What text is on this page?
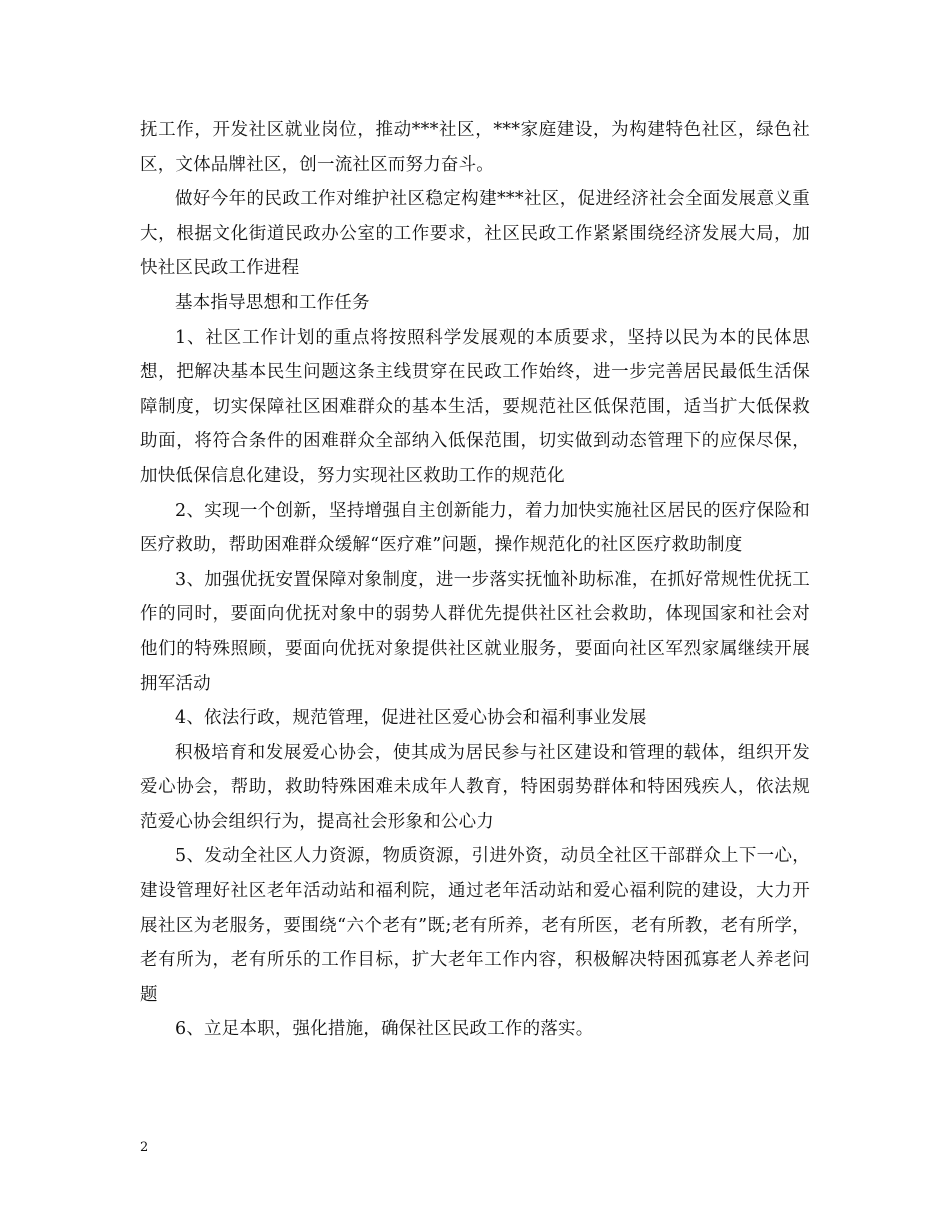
抚工作，开发社区就业岗位，推动***社区，***家庭建设，为构建特色社区，绿色社区，文体品牌社区，创一流社区而努力奋斗。

做好今年的民政工作对维护社区稳定构建***社区，促进经济社会全面发展意义重大，根据文化街道民政办公室的工作要求，社区民政工作紧紧围绕经济发展大局，加快社区民政工作进程

基本指导思想和工作任务

1、社区工作计划的重点将按照科学发展观的本质要求，坚持以民为本的民体思想，把解决基本民生问题这条主线贯穿在民政工作始终，进一步完善居民最低生活保障制度，切实保障社区困难群众的基本生活，要规范社区低保范围，适当扩大低保救助面，将符合条件的困难群众全部纳入低保范围，切实做到动态管理下的应保尽保，加快低保信息化建设，努力实现社区救助工作的规范化

2、实现一个创新，坚持增强自主创新能力，着力加快实施社区居民的医疗保险和医疗救助，帮助困难群众缓解“医疗难”问题，操作规范化的社区医疗救助制度

3、加强优抚安置保障对象制度，进一步落实抚恤补助标准，在抓好常规性优抚工作的同时，要面向优抚对象中的弱势人群优先提供社区社会救助，体现国家和社会对他们的特殊照顾，要面向优抚对象提供社区就业服务，要面向社区军烈家属继续开展拥军活动

4、依法行政，规范管理，促进社区爱心协会和福利事业发展

积极培育和发展爱心协会，使其成为居民参与社区建设和管理的载体，组织开发爱心协会，帮助，救助特殊困难未成年人教育，特困弱势群体和特困残疾人，依法规范爱心协会组织行为，提高社会形象和公心力

5、发动全社区人力资源，物质资源，引进外资，动员全社区干部群众上下一心，建设管理好社区老年活动站和福利院，通过老年活动站和爱心福利院的建设，大力开展社区为老服务，要围绕“六个老有”既;老有所养，老有所医，老有所教，老有所学，老有所为，老有所乐的工作目标，扩大老年工作内容，积极解决特困孤寡老人养老问题

6、立足本职，强化措施，确保社区民政工作的落实。

2
